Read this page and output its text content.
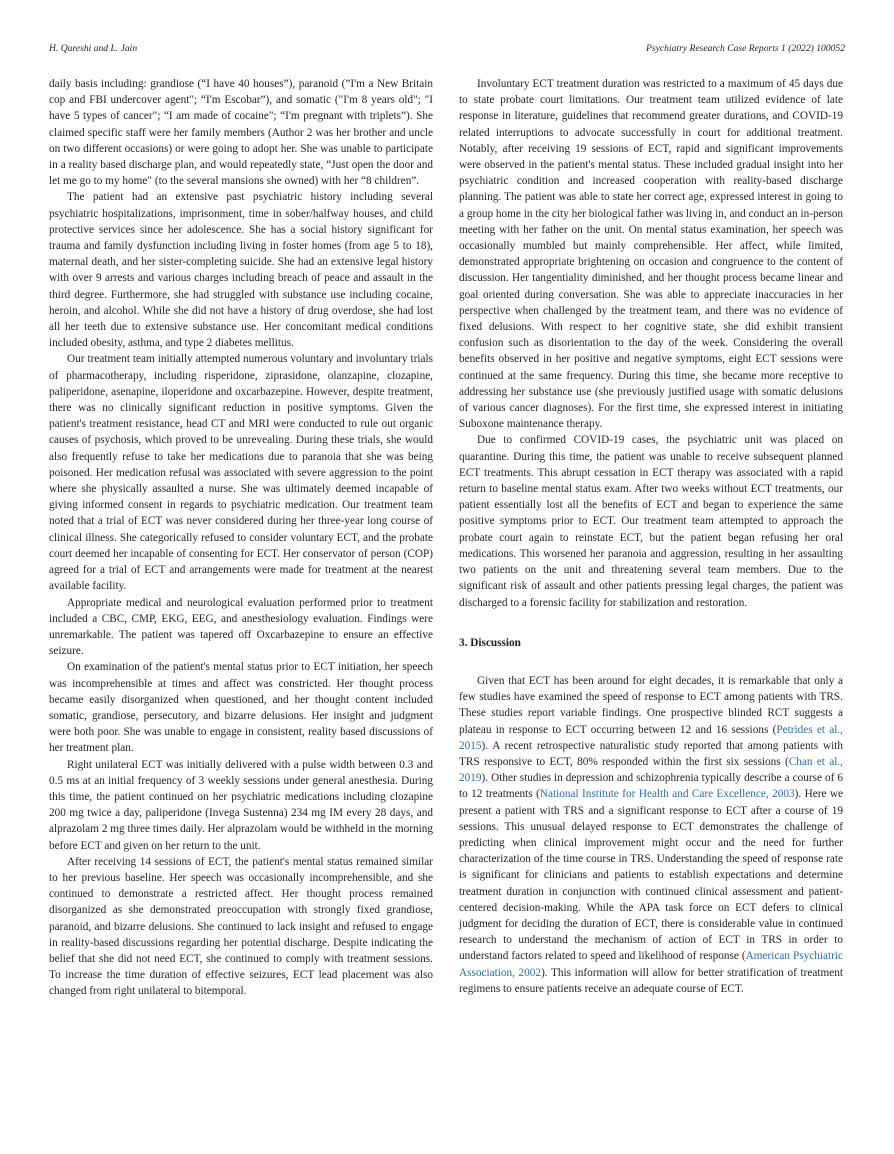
H. Qureshi and L. Jain	Psychiatry Research Case Reports 1 (2022) 100052

daily basis including: grandiose (“I have 40 houses”), paranoid (”I'm a New Britain cop and FBI undercover agent"; “I'm Escobar”), and somatic ("I'm 8 years old"; "I have 5 types of cancer"; “I am made of cocaine"; “I'm pregnant with triplets”). She claimed specific staff were her family members (Author 2 was her brother and uncle on two different occasions) or were going to adopt her. She was unable to participate in a reality based discharge plan, and would repeatedly state, “Just open the door and let me go to my home" (to the several mansions she owned) with her “8 children”.

The patient had an extensive past psychiatric history including several psychiatric hospitalizations, imprisonment, time in sober/halfway houses, and child protective services since her adolescence. She has a social history significant for trauma and family dysfunction including living in foster homes (from age 5 to 18), maternal death, and her sister-completing suicide. She had an extensive legal history with over 9 arrests and various charges including breach of peace and assault in the third degree. Furthermore, she had struggled with substance use including cocaine, heroin, and alcohol. While she did not have a history of drug overdose, she had lost all her teeth due to extensive substance use. Her concomitant medical conditions included obesity, asthma, and type 2 diabetes mellitus.

Our treatment team initially attempted numerous voluntary and involuntary trials of pharmacotherapy, including risperidone, ziprasidone, olanzapine, clozapine, paliperidone, asenapine, iloperidone and oxcarbazepine. However, despite treatment, there was no clinically significant reduction in positive symptoms. Given the patient's treatment resistance, head CT and MRI were conducted to rule out organic causes of psychosis, which proved to be unrevealing. During these trials, she would also frequently refuse to take her medications due to paranoia that she was being poisoned. Her medication refusal was associated with severe aggression to the point where she physically assaulted a nurse. She was ultimately deemed incapable of giving informed consent in regards to psychiatric medication. Our treatment team noted that a trial of ECT was never considered during her three-year long course of clinical illness. She categorically refused to consider voluntary ECT, and the probate court deemed her incapable of consenting for ECT. Her conservator of person (COP) agreed for a trial of ECT and arrangements were made for treatment at the nearest available facility.

Appropriate medical and neurological evaluation performed prior to treatment included a CBC, CMP, EKG, EEG, and anesthesiology evaluation. Findings were unremarkable. The patient was tapered off Oxcarbazepine to ensure an effective seizure.

On examination of the patient's mental status prior to ECT initiation, her speech was incomprehensible at times and affect was constricted. Her thought process became easily disorganized when questioned, and her thought content included somatic, grandiose, persecutory, and bizarre delusions. Her insight and judgment were both poor. She was unable to engage in consistent, reality based discussions of her treatment plan.

Right unilateral ECT was initially delivered with a pulse width between 0.3 and 0.5 ms at an initial frequency of 3 weekly sessions under general anesthesia. During this time, the patient continued on her psychiatric medications including clozapine 200 mg twice a day, paliperidone (Invega Sustenna) 234 mg IM every 28 days, and alprazolam 2 mg three times daily. Her alprazolam would be withheld in the morning before ECT and given on her return to the unit.

After receiving 14 sessions of ECT, the patient's mental status remained similar to her previous baseline. Her speech was occasionally incomprehensible, and she continued to demonstrate a restricted affect. Her thought process remained disorganized as she demonstrated preoccupation with strongly fixed grandiose, paranoid, and bizarre delusions. She continued to lack insight and refused to engage in reality-based discussions regarding her potential discharge. Despite indicating the belief that she did not need ECT, she continued to comply with treatment sessions. To increase the time duration of effective seizures, ECT lead placement was also changed from right unilateral to bitemporal.

Involuntary ECT treatment duration was restricted to a maximum of 45 days due to state probate court limitations. Our treatment team utilized evidence of late response in literature, guidelines that recommend greater durations, and COVID-19 related interruptions to advocate successfully in court for additional treatment. Notably, after receiving 19 sessions of ECT, rapid and significant improvements were observed in the patient's mental status. These included gradual insight into her psychiatric condition and increased cooperation with reality-based discharge planning. The patient was able to state her correct age, expressed interest in going to a group home in the city her biological father was living in, and conduct an in-person meeting with her father on the unit. On mental status examination, her speech was occasionally mumbled but mainly comprehensible. Her affect, while limited, demonstrated appropriate brightening on occasion and congruence to the content of discussion. Her tangentiality diminished, and her thought process became linear and goal oriented during conversation. She was able to appreciate inaccuracies in her perspective when challenged by the treatment team, and there was no evidence of fixed delusions. With respect to her cognitive state, she did exhibit transient confusion such as disorientation to the day of the week. Considering the overall benefits observed in her positive and negative symptoms, eight ECT sessions were continued at the same frequency. During this time, she became more receptive to addressing her substance use (she previously justified usage with somatic delusions of various cancer diagnoses). For the first time, she expressed interest in initiating Suboxone maintenance therapy.

Due to confirmed COVID-19 cases, the psychiatric unit was placed on quarantine. During this time, the patient was unable to receive subsequent planned ECT treatments. This abrupt cessation in ECT therapy was associated with a rapid return to baseline mental status exam. After two weeks without ECT treatments, our patient essentially lost all the benefits of ECT and began to experience the same positive symptoms prior to ECT. Our treatment team attempted to approach the probate court again to reinstate ECT, but the patient began refusing her oral medications. This worsened her paranoia and aggression, resulting in her assaulting two patients on the unit and threatening several team members. Due to the significant risk of assault and other patients pressing legal charges, the patient was discharged to a forensic facility for stabilization and restoration.

3. Discussion

Given that ECT has been around for eight decades, it is remarkable that only a few studies have examined the speed of response to ECT among patients with TRS. These studies report variable findings. One prospective blinded RCT suggests a plateau in response to ECT occurring between 12 and 16 sessions (Petrides et al., 2015). A recent retrospective naturalistic study reported that among patients with TRS responsive to ECT, 80% responded within the first six sessions (Chan et al., 2019). Other studies in depression and schizophrenia typically describe a course of 6 to 12 treatments (National Institute for Health and Care Excellence, 2003). Here we present a patient with TRS and a significant response to ECT after a course of 19 sessions. This unusual delayed response to ECT demonstrates the challenge of predicting when clinical improvement might occur and the need for further characterization of the time course in TRS. Understanding the speed of response rate is significant for clinicians and patients to establish expectations and determine treatment duration in conjunction with continued clinical assessment and patient-centered decision-making. While the APA task force on ECT defers to clinical judgment for deciding the duration of ECT, there is considerable value in continued research to understand the mechanism of action of ECT in TRS in order to understand factors related to speed and likelihood of response (American Psychiatric Association, 2002). This information will allow for better stratification of treatment regimens to ensure patients receive an adequate course of ECT.
